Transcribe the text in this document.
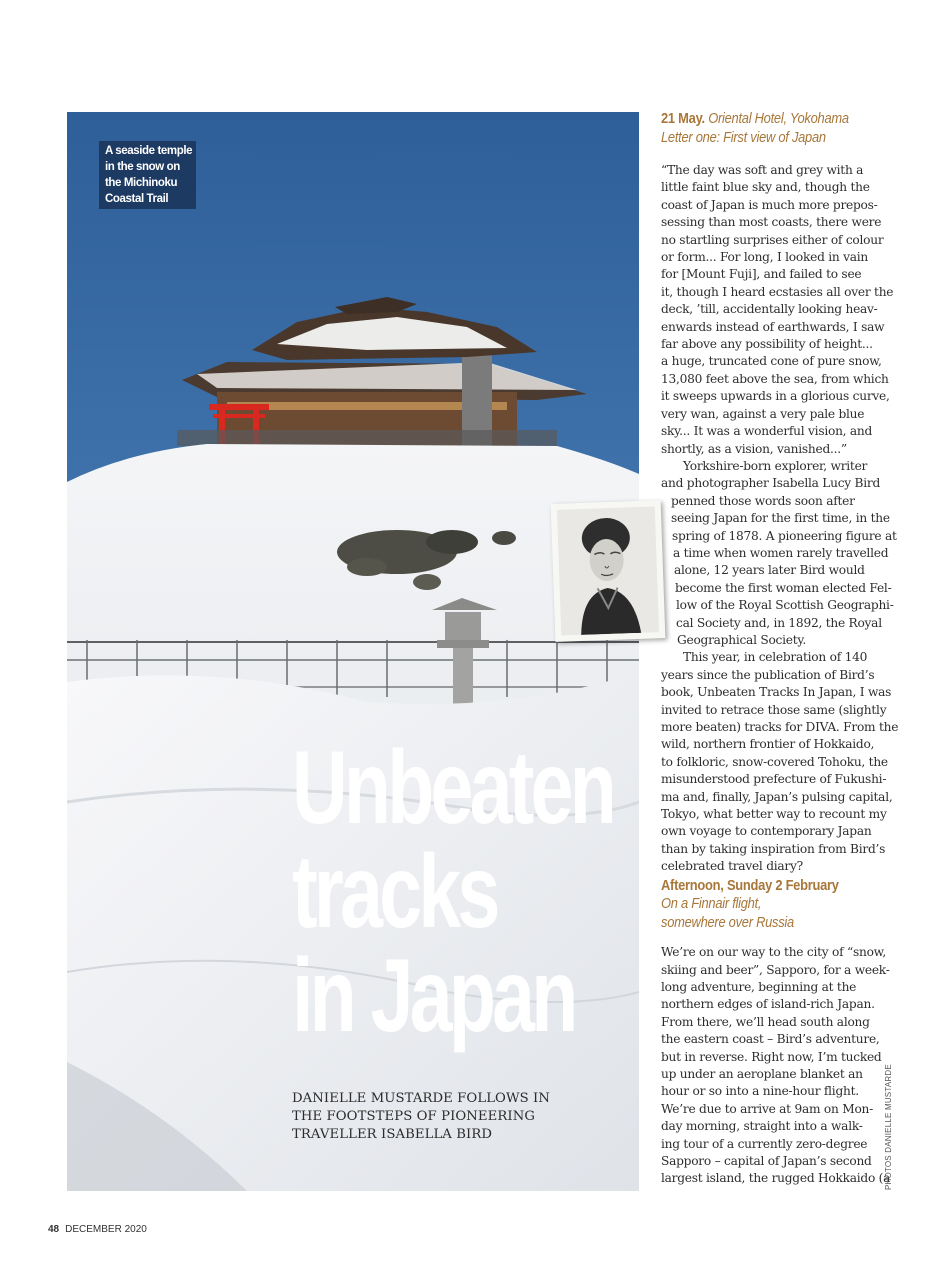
A seaside temple
in the snow on
the Michinoku
Coastal Trail
Unbeaten
tracks
in Japan
DANIELLE MUSTARDE FOLLOWS IN
THE FOOTSTEPS OF PIONEERING
TRAVELLER ISABELLA BIRD
21 May. Oriental Hotel, Yokohama
Letter one: First view of Japan
“The day was soft and grey with a
little faint blue sky and, though the
coast of Japan is much more prepos-
sessing than most coasts, there were
no startling surprises either of colour
or form... For long, I looked in vain
for [Mount Fuji], and failed to see
it, though I heard ecstasies all over the
deck, ’till, accidentally looking heav-
enwards instead of earthwards, I saw
far above any possibility of height...
a huge, truncated cone of pure snow,
13,080 feet above the sea, from which
it sweeps upwards in a glorious curve,
very wan, against a very pale blue
sky... It was a wonderful vision, and
shortly, as a vision, vanished...”
Yorkshire-born explorer, writer
and photographer Isabella Lucy Bird
penned those words soon after
seeing Japan for the first time, in the
spring of 1878. A pioneering figure at
a time when women rarely travelled
alone, 12 years later Bird would
become the first woman elected Fel-
low of the Royal Scottish Geographi-
cal Society and, in 1892, the Royal
Geographical Society.
This year, in celebration of 140
years since the publication of Bird’s
book, Unbeaten Tracks In Japan, I was
invited to retrace those same (slightly
more beaten) tracks for DIVA. From the
wild, northern frontier of Hokkaido,
to folkloric, snow-covered Tohoku, the
misunderstood prefecture of Fukushi-
ma and, finally, Japan’s pulsing capital,
Tokyo, what better way to recount my
own voyage to contemporary Japan
than by taking inspiration from Bird’s
celebrated travel diary?
Afternoon, Sunday 2 February
On a Finnair flight,
somewhere over Russia
We’re on our way to the city of “snow,
skiing and beer”, Sapporo, for a week-
long adventure, beginning at the
northern edges of island-rich Japan.
From there, we’ll head south along
the eastern coast – Bird’s adventure,
but in reverse. Right now, I’m tucked
up under an aeroplane blanket an
hour or so into a nine-hour flight.
We’re due to arrive at 9am on Mon-
day morning, straight into a walk-
ing tour of a currently zero-degree
Sapporo – capital of Japan’s second
largest island, the rugged Hokkaido (a
PHOTOS DANIELLE MUSTARDE
48 DECEMBER 2020
